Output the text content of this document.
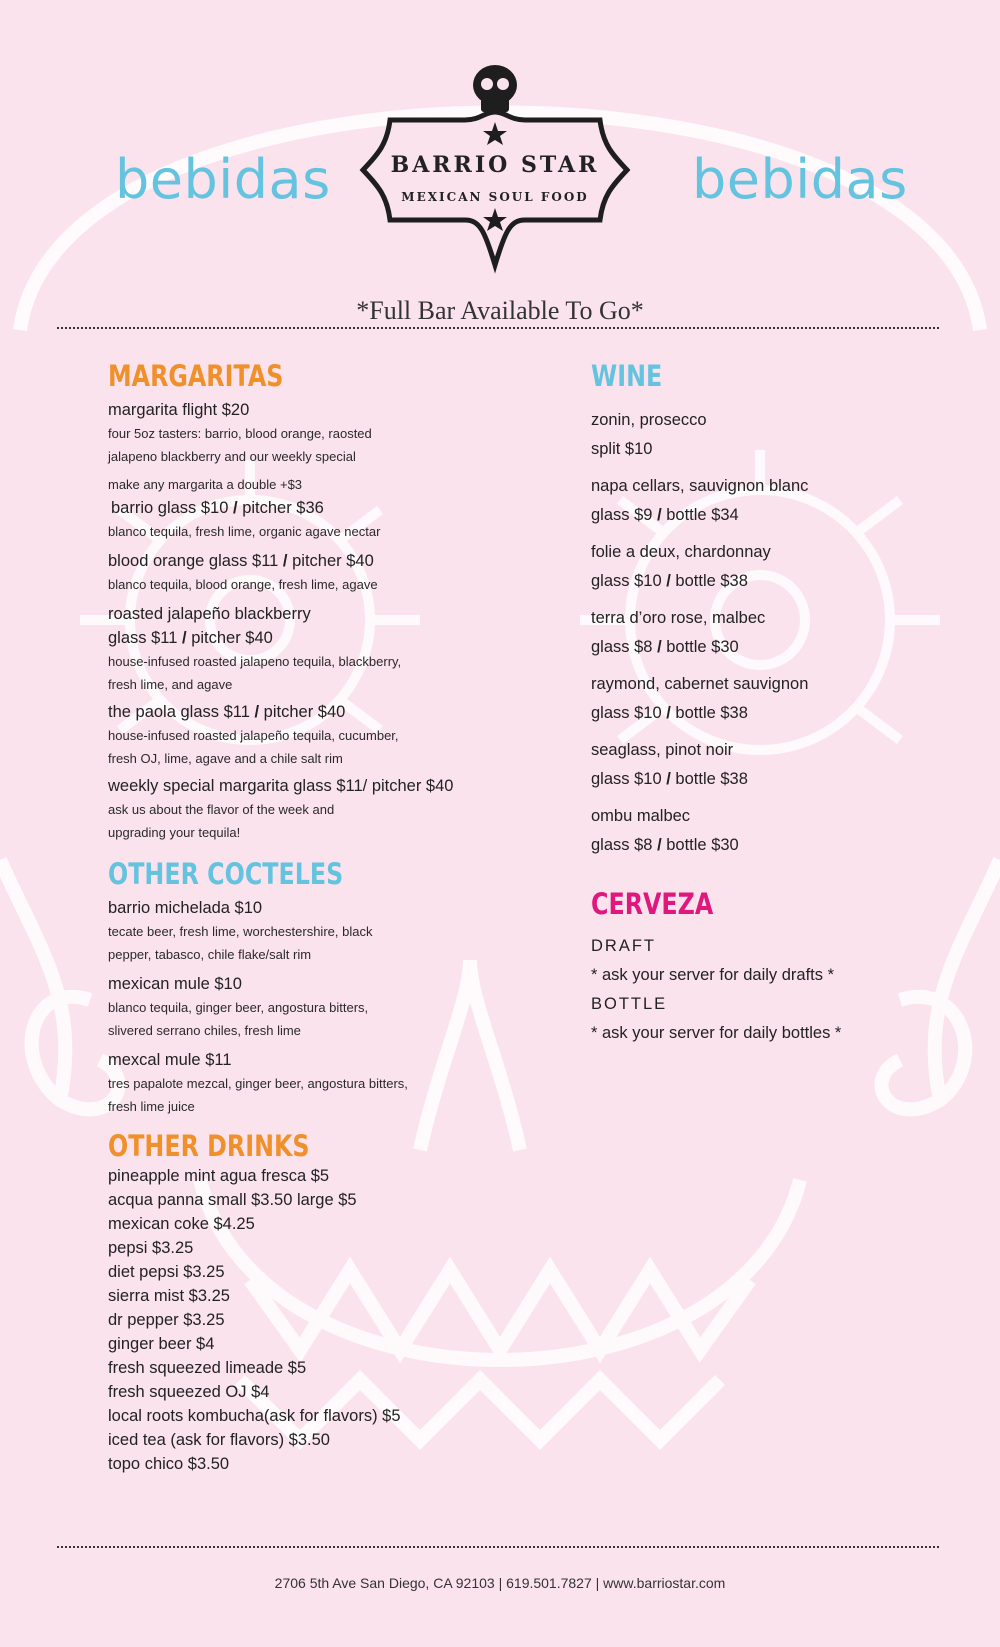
bebidas	bebidas
BARRIO STAR
MEXICAN SOUL FOOD
*Full Bar Available To Go*
MARGARITAS
margarita flight $20
four 5oz tasters: barrio, blood orange, raosted
jalapeno blackberry and our weekly special
make any margarita a double +$3
barrio glass $10 / pitcher $36
blanco tequila, fresh lime, organic agave nectar
blood orange glass $11 / pitcher $40
blanco tequila, blood orange, fresh lime, agave
roasted jalapeño blackberry
glass $11 / pitcher $40
house-infused roasted jalapeno tequila, blackberry,
fresh lime, and agave
the paola glass $11 / pitcher $40
house-infused roasted jalapeño tequila, cucumber,
fresh OJ, lime, agave and a chile salt rim
weekly special margarita glass $11/ pitcher $40
ask us about the flavor of the week and
upgrading your tequila!
OTHER COCTELES
barrio michelada $10
tecate beer, fresh lime, worchestershire, black
pepper, tabasco, chile flake/salt rim
mexican mule $10
blanco tequila, ginger beer, angostura bitters,
slivered serrano chiles, fresh lime
mexcal mule $11
tres papalote mezcal, ginger beer, angostura bitters,
fresh lime juice
OTHER DRINKS
pineapple mint agua fresca $5
acqua panna small $3.50 large $5
mexican coke $4.25
pepsi $3.25
diet pepsi $3.25
sierra mist $3.25
dr pepper $3.25
ginger beer $4
fresh squeezed limeade $5
fresh squeezed OJ $4
local roots kombucha(ask for flavors) $5
iced tea (ask for flavors) $3.50
topo chico $3.50
WINE
zonin, prosecco
split $10
napa cellars, sauvignon blanc
glass $9 / bottle $34
folie a deux, chardonnay
glass $10 / bottle $38
terra d’oro rose, malbec
glass $8 / bottle $30
raymond, cabernet sauvignon
glass $10 / bottle $38
seaglass, pinot noir
glass $10 / bottle $38
ombu malbec
glass $8 / bottle $30
CERVEZA
DRAFT
* ask your server for daily drafts *
BOTTLE
* ask your server for daily bottles *
2706 5th Ave San Diego, CA 92103 | 619.501.7827 | www.barriostar.com
